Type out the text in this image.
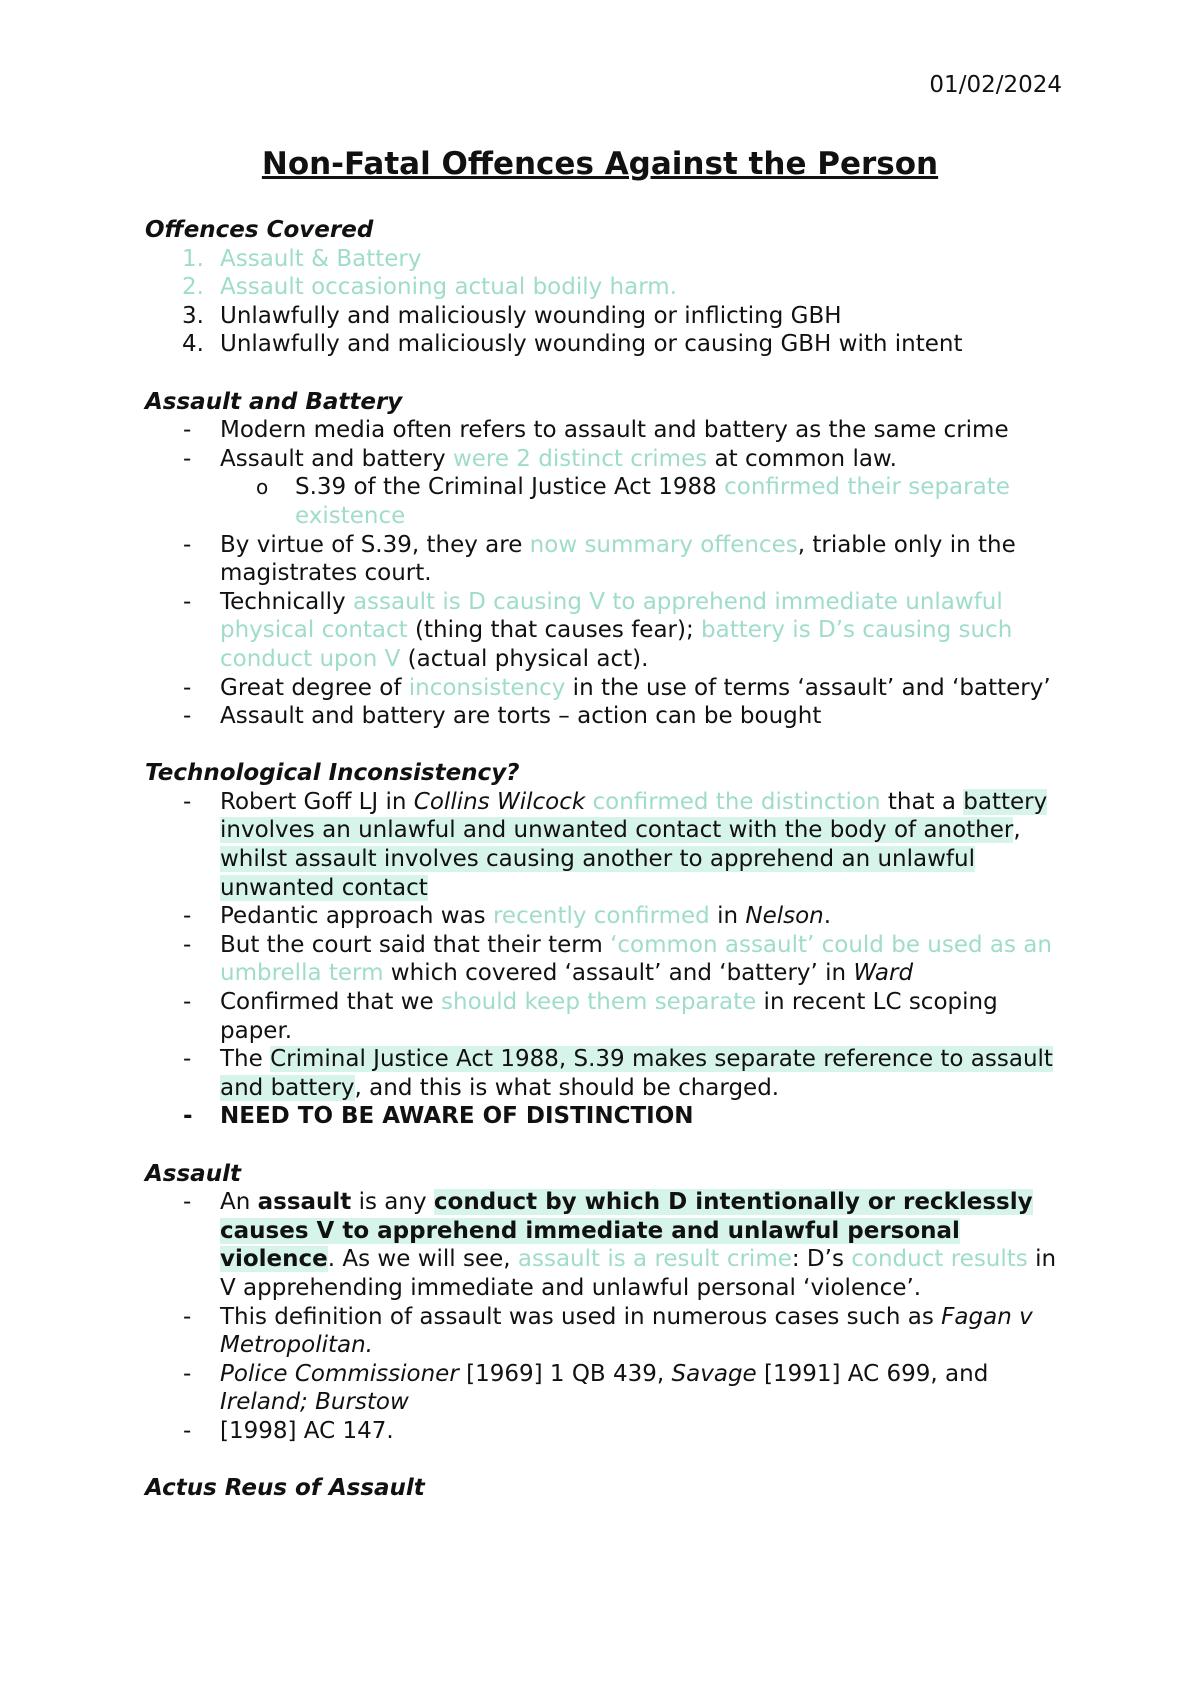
01/02/2024
Non-Fatal Offences Against the Person
Offences Covered
1. Assault & Battery
2. Assault occasioning actual bodily harm.
3. Unlawfully and maliciously wounding or inflicting GBH
4. Unlawfully and maliciously wounding or causing GBH with intent
Assault and Battery
- Modern media often refers to assault and battery as the same crime
- Assault and battery were 2 distinct crimes at common law.
o S.39 of the Criminal Justice Act 1988 confirmed their separate existence
- By virtue of S.39, they are now summary offences, triable only in the magistrates court.
- Technically assault is D causing V to apprehend immediate unlawful physical contact (thing that causes fear); battery is D’s causing such conduct upon V (actual physical act).
- Great degree of inconsistency in the use of terms ‘assault’ and ‘battery’
- Assault and battery are torts – action can be bought
Technological Inconsistency?
- Robert Goff LJ in Collins Wilcock confirmed the distinction that a battery involves an unlawful and unwanted contact with the body of another, whilst assault involves causing another to apprehend an unlawful unwanted contact
- Pedantic approach was recently confirmed in Nelson.
- But the court said that their term ‘common assault’ could be used as an umbrella term which covered ‘assault’ and ‘battery’ in Ward
- Confirmed that we should keep them separate in recent LC scoping paper.
- The Criminal Justice Act 1988, S.39 makes separate reference to assault and battery, and this is what should be charged.
- NEED TO BE AWARE OF DISTINCTION
Assault
- An assault is any conduct by which D intentionally or recklessly causes V to apprehend immediate and unlawful personal violence. As we will see, assault is a result crime: D’s conduct results in V apprehending immediate and unlawful personal ‘violence’.
- This definition of assault was used in numerous cases such as Fagan v Metropolitan.
- Police Commissioner [1969] 1 QB 439, Savage [1991] AC 699, and Ireland; Burstow
- [1998] AC 147.
Actus Reus of Assault
